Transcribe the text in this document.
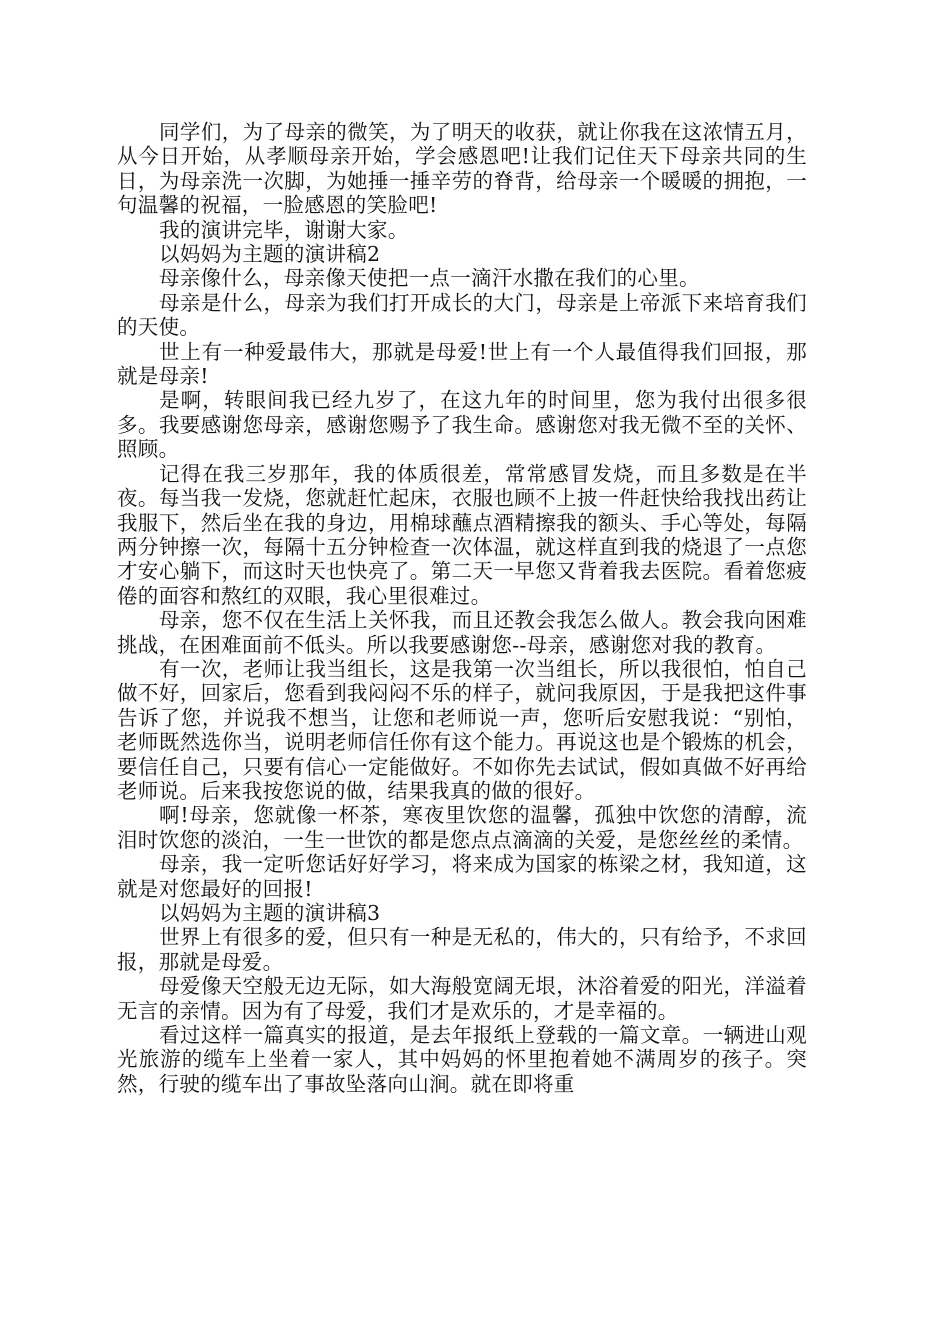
同学们，为了母亲的微笑，为了明天的收获，就让你我在这浓情五月，从今日开始，从孝顺母亲开始，学会感恩吧!让我们记住天下母亲共同的生日，为母亲洗一次脚，为她捶一捶辛劳的脊背，给母亲一个暖暖的拥抱，一句温馨的祝福，一脸感恩的笑脸吧!

我的演讲完毕，谢谢大家。

以妈妈为主题的演讲稿2

母亲像什么，母亲像天使把一点一滴汗水撒在我们的心里。

母亲是什么，母亲为我们打开成长的大门，母亲是上帝派下来培育我们的天使。

世上有一种爱最伟大，那就是母爱!世上有一个人最值得我们回报，那就是母亲!

是啊，转眼间我已经九岁了，在这九年的时间里，您为我付出很多很多。我要感谢您母亲，感谢您赐予了我生命。感谢您对我无微不至的关怀、照顾。

记得在我三岁那年，我的体质很差，常常感冒发烧，而且多数是在半夜。每当我一发烧，您就赶忙起床，衣服也顾不上披一件赶快给我找出药让我服下，然后坐在我的身边，用棉球蘸点酒精擦我的额头、手心等处，每隔两分钟擦一次，每隔十五分钟检查一次体温，就这样直到我的烧退了一点您才安心躺下，而这时天也快亮了。第二天一早您又背着我去医院。看着您疲倦的面容和熬红的双眼，我心里很难过。

母亲，您不仅在生活上关怀我，而且还教会我怎么做人。教会我向困难挑战，在困难面前不低头。所以我要感谢您--母亲，感谢您对我的教育。

有一次，老师让我当组长，这是我第一次当组长，所以我很怕，怕自己做不好，回家后，您看到我闷闷不乐的样子，就问我原因，于是我把这件事告诉了您，并说我不想当，让您和老师说一声，您听后安慰我说：“别怕，老师既然选你当，说明老师信任你有这个能力。再说这也是个锻炼的机会，要信任自己，只要有信心一定能做好。不如你先去试试，假如真做不好再给老师说。后来我按您说的做，结果我真的做的很好。

啊!母亲，您就像一杯茶，寒夜里饮您的温馨，孤独中饮您的清醇，流泪时饮您的淡泊，一生一世饮的都是您点点滴滴的关爱，是您丝丝的柔情。

母亲，我一定听您话好好学习，将来成为国家的栋梁之材，我知道，这就是对您最好的回报!

以妈妈为主题的演讲稿3

世界上有很多的爱，但只有一种是无私的，伟大的，只有给予，不求回报，那就是母爱。

母爱像天空般无边无际，如大海般宽阔无垠，沐浴着爱的阳光，洋溢着无言的亲情。因为有了母爱，我们才是欢乐的，才是幸福的。

看过这样一篇真实的报道，是去年报纸上登载的一篇文章。一辆进山观光旅游的缆车上坐着一家人，其中妈妈的怀里抱着她不满周岁的孩子。突然，行驶的缆车出了事故坠落向山涧。就在即将重
